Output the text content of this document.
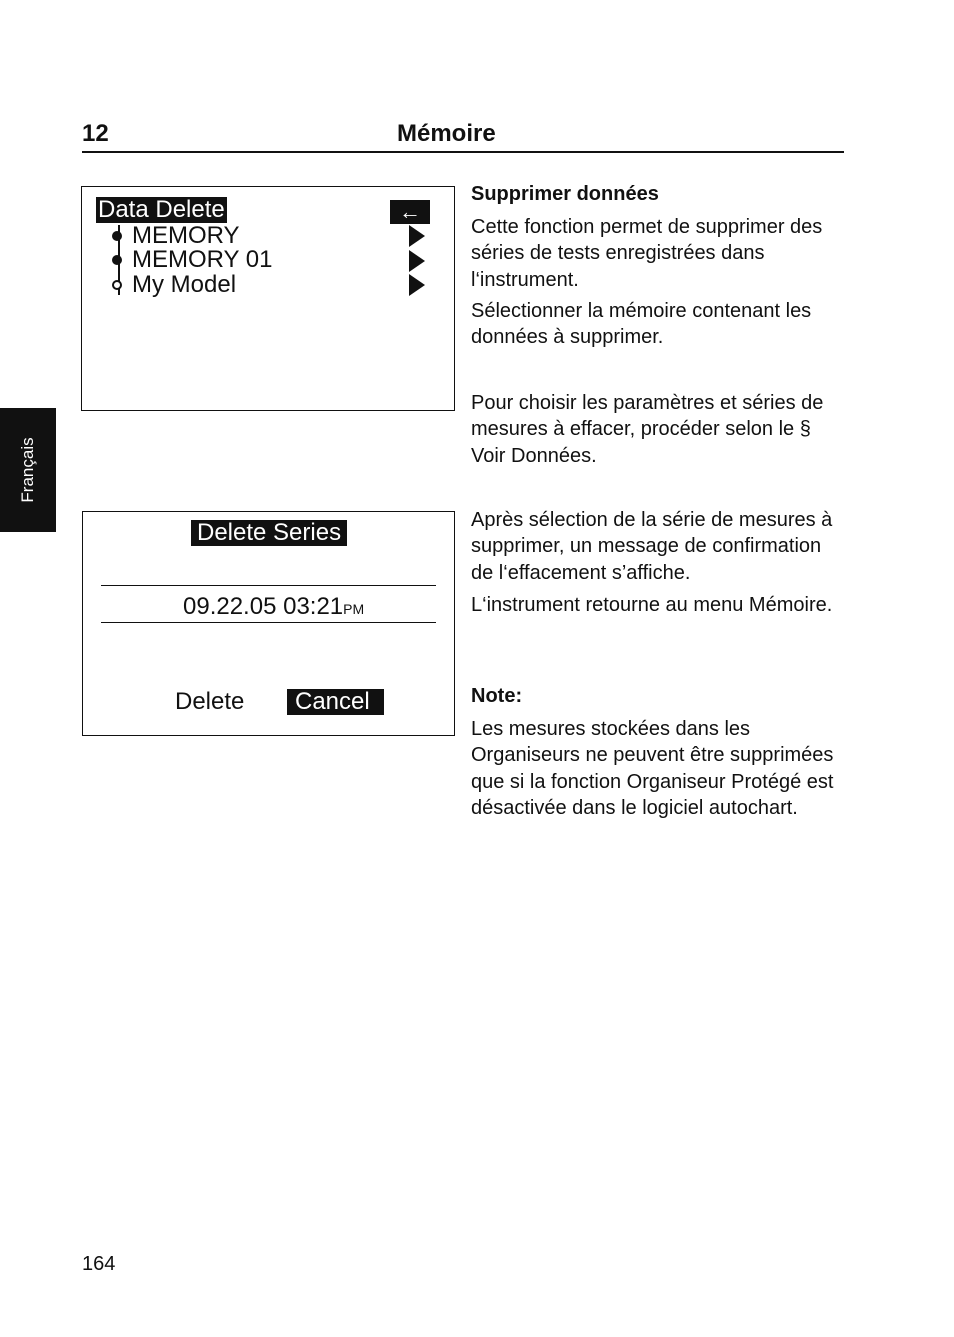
12	Mémoire
Français
Data Delete	←
MEMORY
MEMORY 01
My Model
Delete Series
09.22.05 03:21PM
Delete	Cancel

Supprimer données

Cette fonction permet de supprimer des séries de tests enregistrées dans l‘instrument.

Sélectionner la mémoire contenant les données à supprimer.

Pour choisir les paramètres et séries de mesures à effacer, procéder selon le § Voir Données.

Après sélection de la série de mesures à supprimer, un message de confirmation de l‘effacement s’affiche.

L‘instrument retourne au menu Mémoire.

Note:

Les mesures stockées dans les Organiseurs ne peuvent être supprimées que si la fonction Organiseur Protégé est désactivée dans le logiciel autochart.

164
